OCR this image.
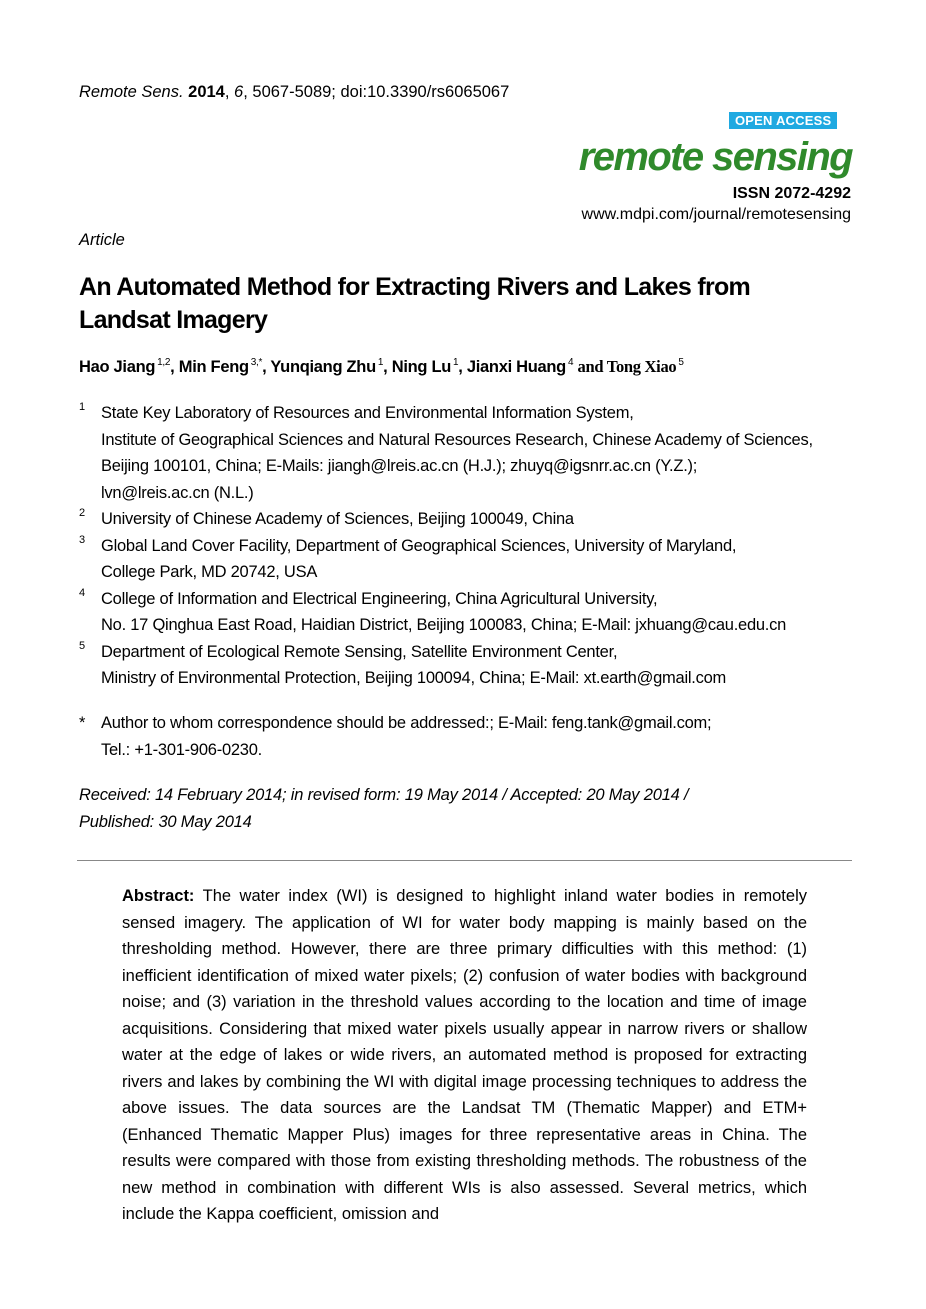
Remote Sens. 2014, 6, 5067-5089; doi:10.3390/rs6065067
OPEN ACCESS
remote sensing
ISSN 2072-4292
www.mdpi.com/journal/remotesensing
Article
An Automated Method for Extracting Rivers and Lakes from Landsat Imagery
Hao Jiang $^{1,2}$, Min Feng $^{3,*}$, Yunqiang Zhu $^1$, Ning Lu $^1$, Jianxi Huang $^4$ and Tong Xiao $^5$
1 State Key Laboratory of Resources and Environmental Information System,
Institute of Geographical Sciences and Natural Resources Research, Chinese Academy of Sciences,
Beijing 100101, China; E-Mails: jiangh@lreis.ac.cn (H.J.); zhuyq@igsnrr.ac.cn (Y.Z.);
lvn@lreis.ac.cn (N.L.)
2 University of Chinese Academy of Sciences, Beijing 100049, China
3 Global Land Cover Facility, Department of Geographical Sciences, University of Maryland,
College Park, MD 20742, USA
4 College of Information and Electrical Engineering, China Agricultural University,
No. 17 Qinghua East Road, Haidian District, Beijing 100083, China; E-Mail: jxhuang@cau.edu.cn
5 Department of Ecological Remote Sensing, Satellite Environment Center,
Ministry of Environmental Protection, Beijing 100094, China; E-Mail: xt.earth@gmail.com
* Author to whom correspondence should be addressed:; E-Mail: feng.tank@gmail.com;
Tel.: +1-301-906-0230.
Received: 14 February 2014; in revised form: 19 May 2014 / Accepted: 20 May 2014 /
Published: 30 May 2014
Abstract: The water index (WI) is designed to highlight inland water bodies in remotely sensed imagery. The application of WI for water body mapping is mainly based on the thresholding method. However, there are three primary difficulties with this method: (1) inefficient identification of mixed water pixels; (2) confusion of water bodies with background noise; and (3) variation in the threshold values according to the location and time of image acquisitions. Considering that mixed water pixels usually appear in narrow rivers or shallow water at the edge of lakes or wide rivers, an automated method is proposed for extracting rivers and lakes by combining the WI with digital image processing techniques to address the above issues. The data sources are the Landsat TM (Thematic Mapper) and ETM+ (Enhanced Thematic Mapper Plus) images for three representative areas in China. The results were compared with those from existing thresholding methods. The robustness of the new method in combination with different WIs is also assessed. Several metrics, which include the Kappa coefficient, omission and
